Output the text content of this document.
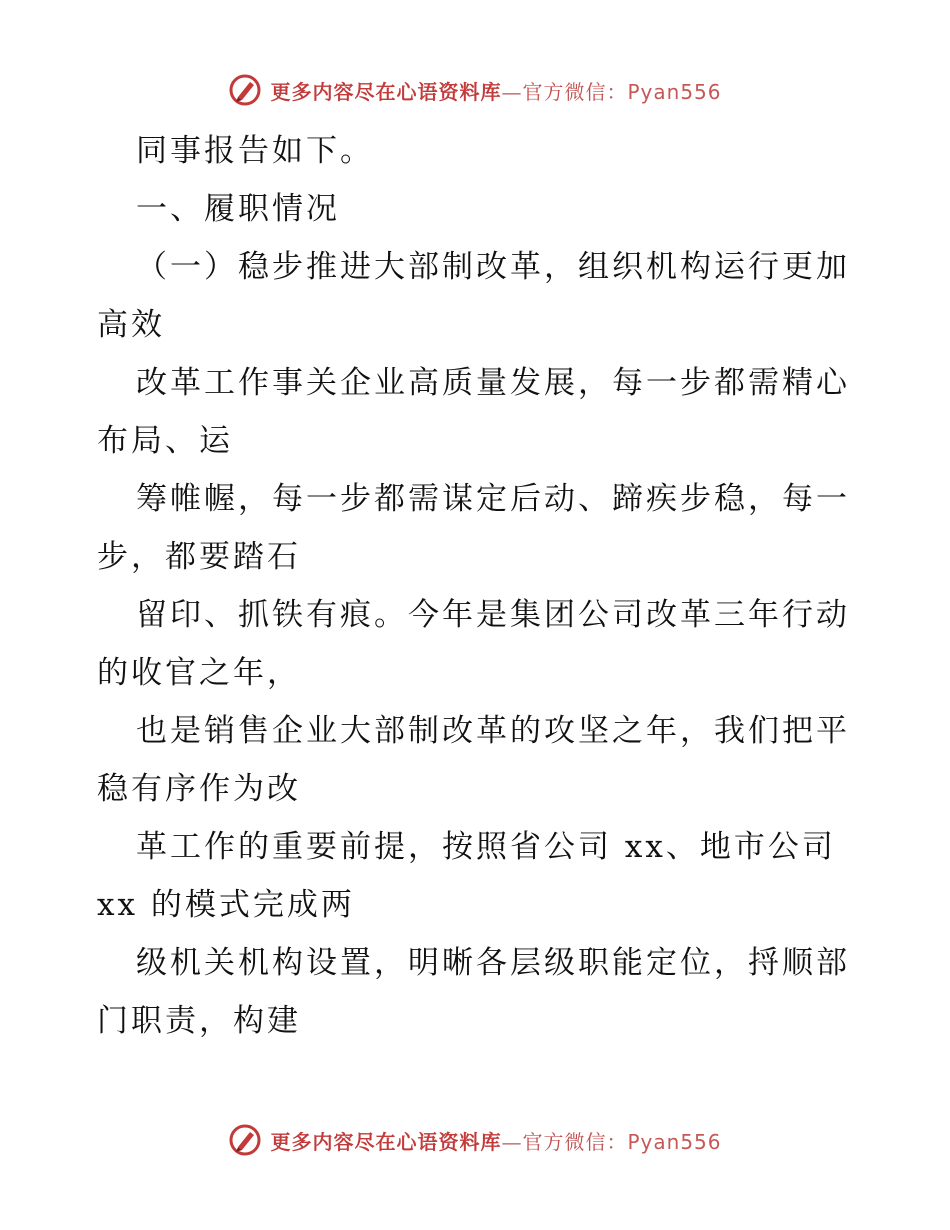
更多内容尽在心语资料库—官方微信：Pyan556

同事报告如下。

一、履职情况

（一）稳步推进大部制改革，组织机构运行更加

高效

改革工作事关企业高质量发展，每一步都需精心

布局、运

筹帷幄，每一步都需谋定后动、蹄疾步稳，每一

步，都要踏石

留印、抓铁有痕。今年是集团公司改革三年行动

的收官之年，

也是销售企业大部制改革的攻坚之年，我们把平

稳有序作为改

革工作的重要前提，按照省公司 xx、地市公司

xx 的模式完成两

级机关机构设置，明晰各层级职能定位，捋顺部

门职责，构建

更多内容尽在心语资料库—官方微信：Pyan556
